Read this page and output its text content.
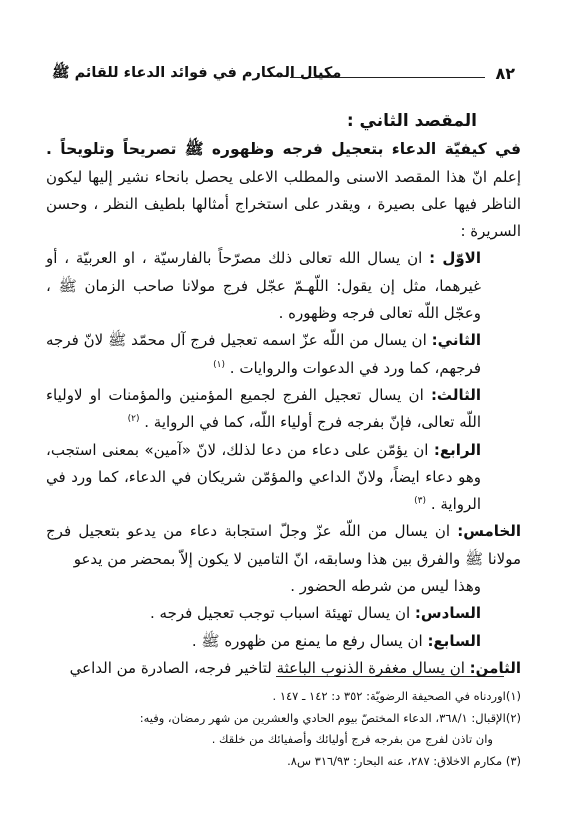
٨٢
مكيال المكارم في فوائد الدعاء للقائم ﷺ

المقصد الثاني :

في كيفيّة الدعاء بتعجيل فرجه وظهوره ﷺ تصريحاً وتلويحاً . إعلم انّ هذا المقصد الاسنى والمطلب الاعلى يحصل بانحاء نشير إليها ليكون الناظر فيها على بصيرة ، ويقدر على استخراج أمثالها بلطيف النظر ، وحسن السريرة :

الاوّل : ان يسال الله تعالى ذلك مصرّحاً بالفارسيّة ، او العربيّة ، أو غيرهما، مثل إن يقول: اللّهـمّ عجّل فرج مولانا صاحب الزمان ﷺ ، وعجّل اللّه تعالى فرجه وظهوره .

الثاني: ان يسال من اللّه عزّ اسمه تعجيل فرج آل محمّد ﷺ لانّ فرجه فرجهم، كما ورد في الدعوات والروايات . $^{(١)}$

الثالث: ان يسال تعجيل الفرج لجميع المؤمنين والمؤمنات او لاولياء اللّه تعالى، فإنّ بفرجه فرج أولياء اللّه، كما في الرواية . $^{(٢)}$

الرابع: ان يؤمّن على دعاء من دعا لذلك، لانّ «آمين» بمعنى استجب، وهو دعاء ايضاً، ولانّ الداعي والمؤمّن شريكان في الدعاء، كما ورد في الرواية . $^{(٣)}$

الخامس: ان يسال من اللّه عزّ وجلّ استجابة دعاء من يدعو بتعجيل فرج مولانا ﷺ والفرق بين هذا وسابقه، انّ التامين لا يكون إلاّ بمحضر من يدعو

وهذا ليس من شرطه الحضور .

السادس: ان يسال تهيئة اسباب توجب تعجيل فرجه .

السابع: ان يسال رفع ما يمنع من ظهوره ﷺ .

الثامن: ان يسال مغفرة الذنوب الباعثة لتاخير فرجه، الصادرة من الداعي

(١)اوردناه في الصحيفة الرضويّة: ٣٥٢ د: ١٤٢ ـ ١٤٧ .

(٢)الإقبال: ٣٦٨/١، الدعاء المختصّ بيوم الحادي والعشرين من شهر رمضان، وفيه:

وان تاذن لفرج من بفرجه فرج أوليائك وأصفيائك من خلقك .

(٣) مكارم الاخلاق: ٢٨٧، عنه البحار: ٣١٦/٩٣ س٨.
